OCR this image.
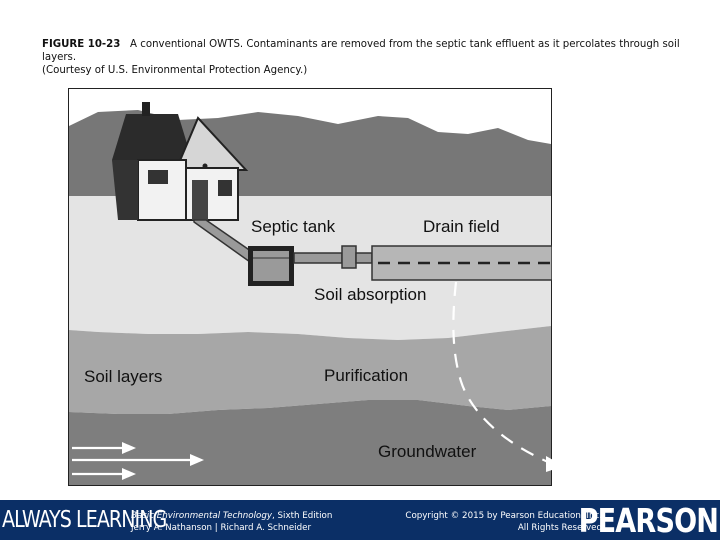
FIGURE 10-23 A conventional OWTS. Contaminants are removed from the septic tank effluent as it percolates through soil layers.
(Courtesy of U.S. Environmental Protection Agency.)
Septic tank	Drain field
Soil absorption
Soil layers	Purification
Groundwater
ALWAYS LEARNING
Basic Environmental Technology, Sixth Edition
Jerry A. Nathanson | Richard A. Schneider
Copyright © 2015 by Pearson Education, Inc.
All Rights Reserved
PEARSON
